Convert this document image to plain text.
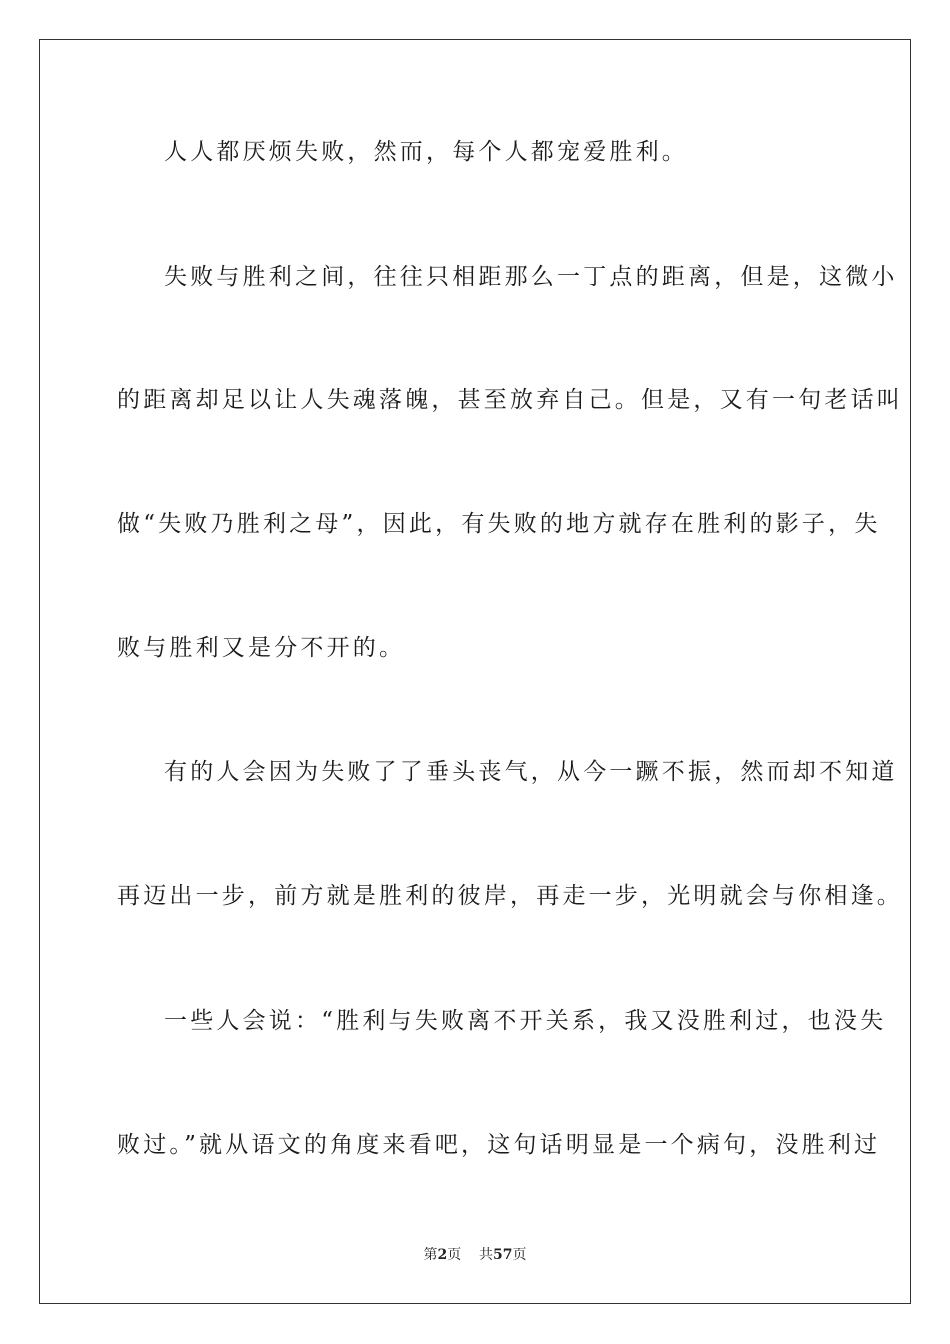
人人都厌烦失败，然而，每个人都宠爱胜利。
失败与胜利之间，往往只相距那么一丁点的距离，但是，这微小
的距离却足以让人失魂落魄，甚至放弃自己。但是，又有一句老话叫
做“失败乃胜利之母”，因此，有失败的地方就存在胜利的影子，失
败与胜利又是分不开的。
有的人会因为失败了了垂头丧气，从今一蹶不振，然而却不知道
再迈出一步，前方就是胜利的彼岸，再走一步，光明就会与你相逢。
一些人会说：“胜利与失败离不开关系，我又没胜利过，也没失
败过。”就从语文的角度来看吧，这句话明显是一个病句，没胜利过
第2页 共57页
